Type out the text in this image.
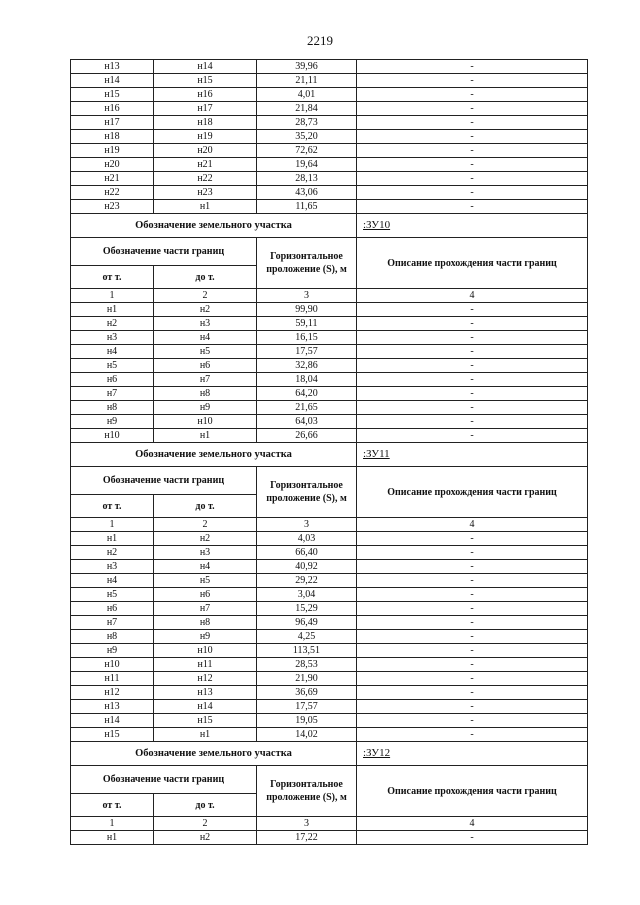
2219
н13	н14	39,96	-
н14	н15	21,11	-
н15	н16	4,01	-
н16	н17	21,84	-
н17	н18	28,73	-
н18	н19	35,20	-
н19	н20	72,62	-
н20	н21	19,64	-
н21	н22	28,13	-
н22	н23	43,06	-
н23	н1	11,65	-
Обозначение земельного участка			:ЗУ10
Обозначение части границ		Горизонтальное проложение (S), м	Описание прохождения части границ
от т.	до т.		
1	2	3	4
н1	н2	99,90	-
н2	н3	59,11	-
н3	н4	16,15	-
н4	н5	17,57	-
н5	н6	32,86	-
н6	н7	18,04	-
н7	н8	64,20	-
н8	н9	21,65	-
н9	н10	64,03	-
н10	н1	26,66	-
Обозначение земельного участка			:ЗУ11
Обозначение части границ		Горизонтальное проложение (S), м	Описание прохождения части границ
от т.	до т.		
1	2	3	4
н1	н2	4,03	-
н2	н3	66,40	-
н3	н4	40,92	-
н4	н5	29,22	-
н5	н6	3,04	-
н6	н7	15,29	-
н7	н8	96,49	-
н8	н9	4,25	-
н9	н10	113,51	-
н10	н11	28,53	-
н11	н12	21,90	-
н12	н13	36,69	-
н13	н14	17,57	-
н14	н15	19,05	-
н15	н1	14,02	-
Обозначение земельного участка			:ЗУ12
Обозначение части границ		Горизонтальное проложение (S), м	Описание прохождения части границ
от т.	до т.		
1	2	3	4
н1	н2	17,22	-
